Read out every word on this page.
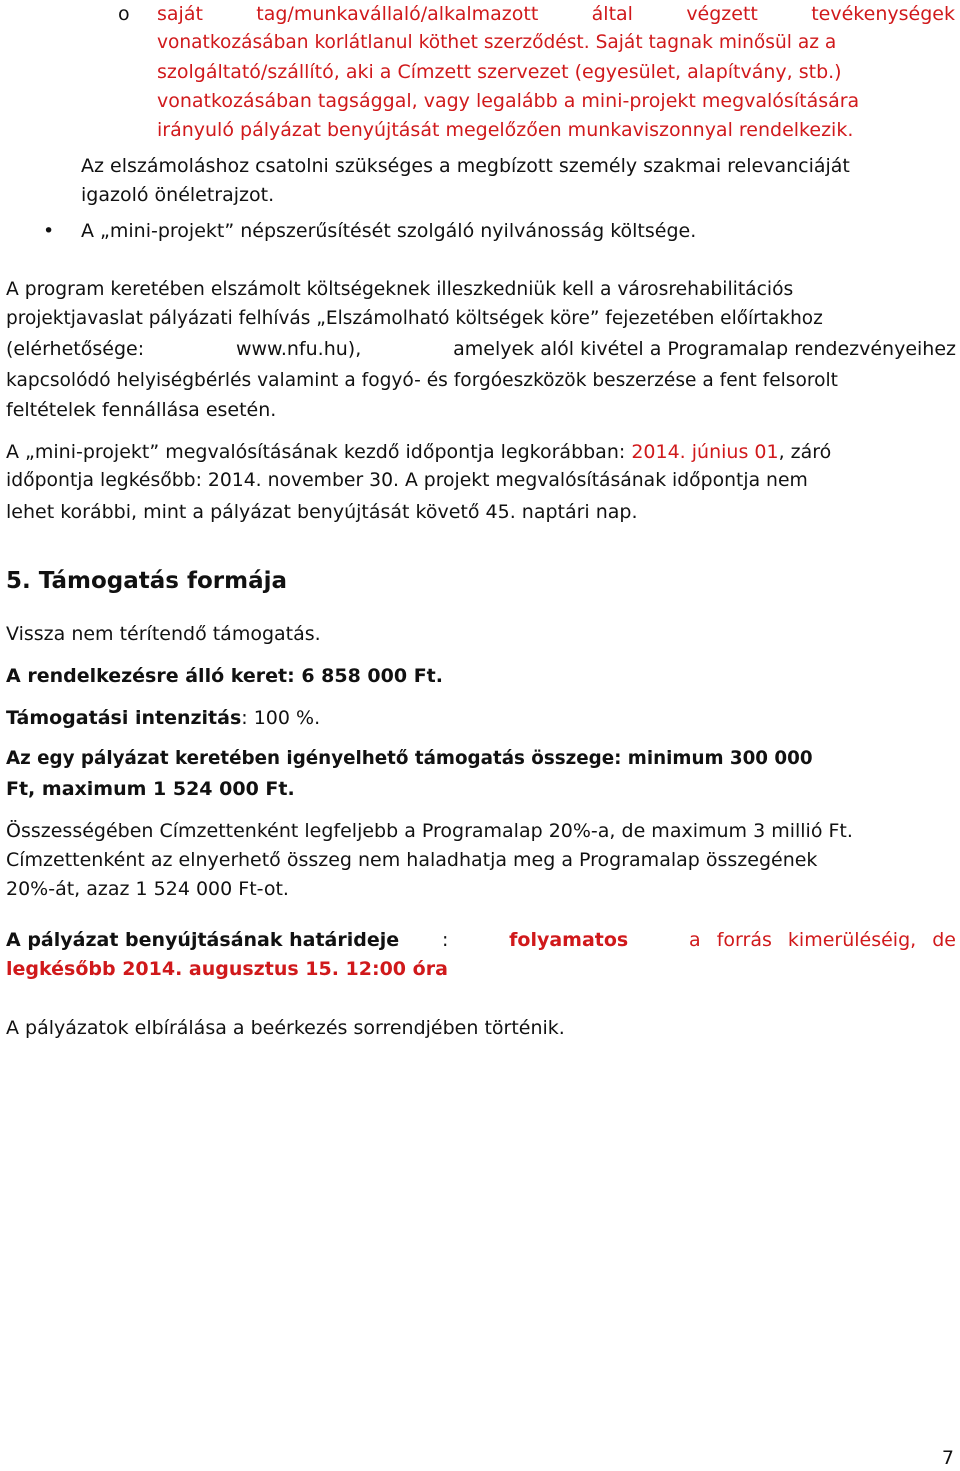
o saját	tag/munkavállaló/alkalmazott	által	végzett	tevékenységek
vonatkozásában korlátlanul köthet szerződést. Saját tagnak minősül az a
szolgáltató/szállító, aki a Címzett szervezet (egyesület, alapítvány, stb.)
vonatkozásában tagsággal, vagy legalább a mini-projekt megvalósítására
irányuló pályázat benyújtását megelőzően munkaviszonnyal rendelkezik.
Az elszámoláshoz csatolni szükséges a megbízott személy szakmai relevanciáját
igazoló önéletrajzot.
• A „mini-projekt” népszerűsítését szolgáló nyilvánosság költsége.
A program keretében elszámolt költségeknek illeszkedniük kell a városrehabilitációs
projektjavaslat pályázati felhívás „Elszámolható költségek köre” fejezetében előírtakhoz
(elérhetősége:	www.nfu.hu),	amelyek alól kivétel a Programalap rendezvényeihez
kapcsolódó helyiségbérlés valamint a fogyó- és forgóeszközök beszerzése a fent felsorolt
feltételek fennállása esetén.
A „mini-projekt” megvalósításának kezdő időpontja legkorábban: 2014. június 01, záró
időpontja legkésőbb: 2014. november 30. A projekt megvalósításának időpontja nem
lehet korábbi, mint a pályázat benyújtását követő 45. naptári nap.
5. Támogatás formája
Vissza nem térítendő támogatás.
A rendelkezésre álló keret: 6 858 000 Ft.
Támogatási intenzitás: 100 %.
Az egy pályázat keretében igényelhető támogatás összege: minimum 300 000
Ft, maximum 1 524 000 Ft.
Összességében Címzettenként legfeljebb a Programalap 20%-a, de maximum 3 millió Ft.
Címzettenként az elnyerhető összeg nem haladhatja meg a Programalap összegének
20%-át, azaz 1 524 000 Ft-ot.
A pályázat benyújtásának határideje :	folyamatos	a forrás kimerüléséig, de
legkésőbb 2014. augusztus 15. 12:00 óra
A pályázatok elbírálása a beérkezés sorrendjében történik.
7
